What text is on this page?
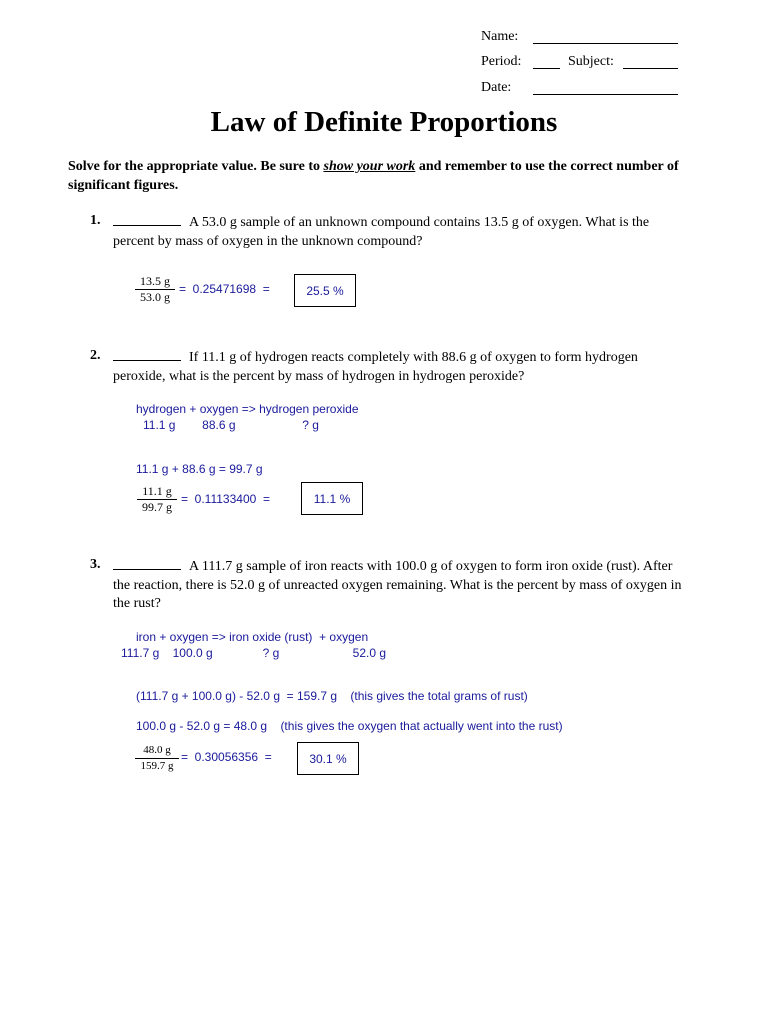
Name:
Period:	Subject:
Date:
Law of Definite Proportions
Solve for the appropriate value. Be sure to show your work and remember to use the correct number of significant figures.
1.	A 53.0 g sample of an unknown compound contains 13.5 g of oxygen. What is the percent by mass of oxygen in the unknown compound?
$\frac{13.5 g}{53.0 g} = 0.25471698$  =	25.5 %
2.	If 11.1 g of hydrogen reacts completely with 88.6 g of oxygen to form hydrogen peroxide, what is the percent by mass of hydrogen in hydrogen peroxide?
hydrogen + oxygen => hydrogen peroxide
11.1 g        88.6 g                    ? g
11.1 g + 88.6 g = 99.7 g
$\frac{11.1 g}{99.7 g} = 0.11133400$  =	11.1 %
3.	A 111.7 g sample of iron reacts with 100.0 g of oxygen to form iron oxide (rust). After the reaction, there is 52.0 g of unreacted oxygen remaining. What is the percent by mass of oxygen in the rust?
iron + oxygen => iron oxide (rust)  + oxygen
111.7 g    100.0 g               ? g                      52.0 g
(111.7 g + 100.0 g) - 52.0 g  = 159.7 g    (this gives the total grams of rust)
100.0 g - 52.0 g = 48.0 g    (this gives the oxygen that actually went into the rust)
$\frac{48.0 g}{159.7 g} = 0.30056356$  =	30.1 %
